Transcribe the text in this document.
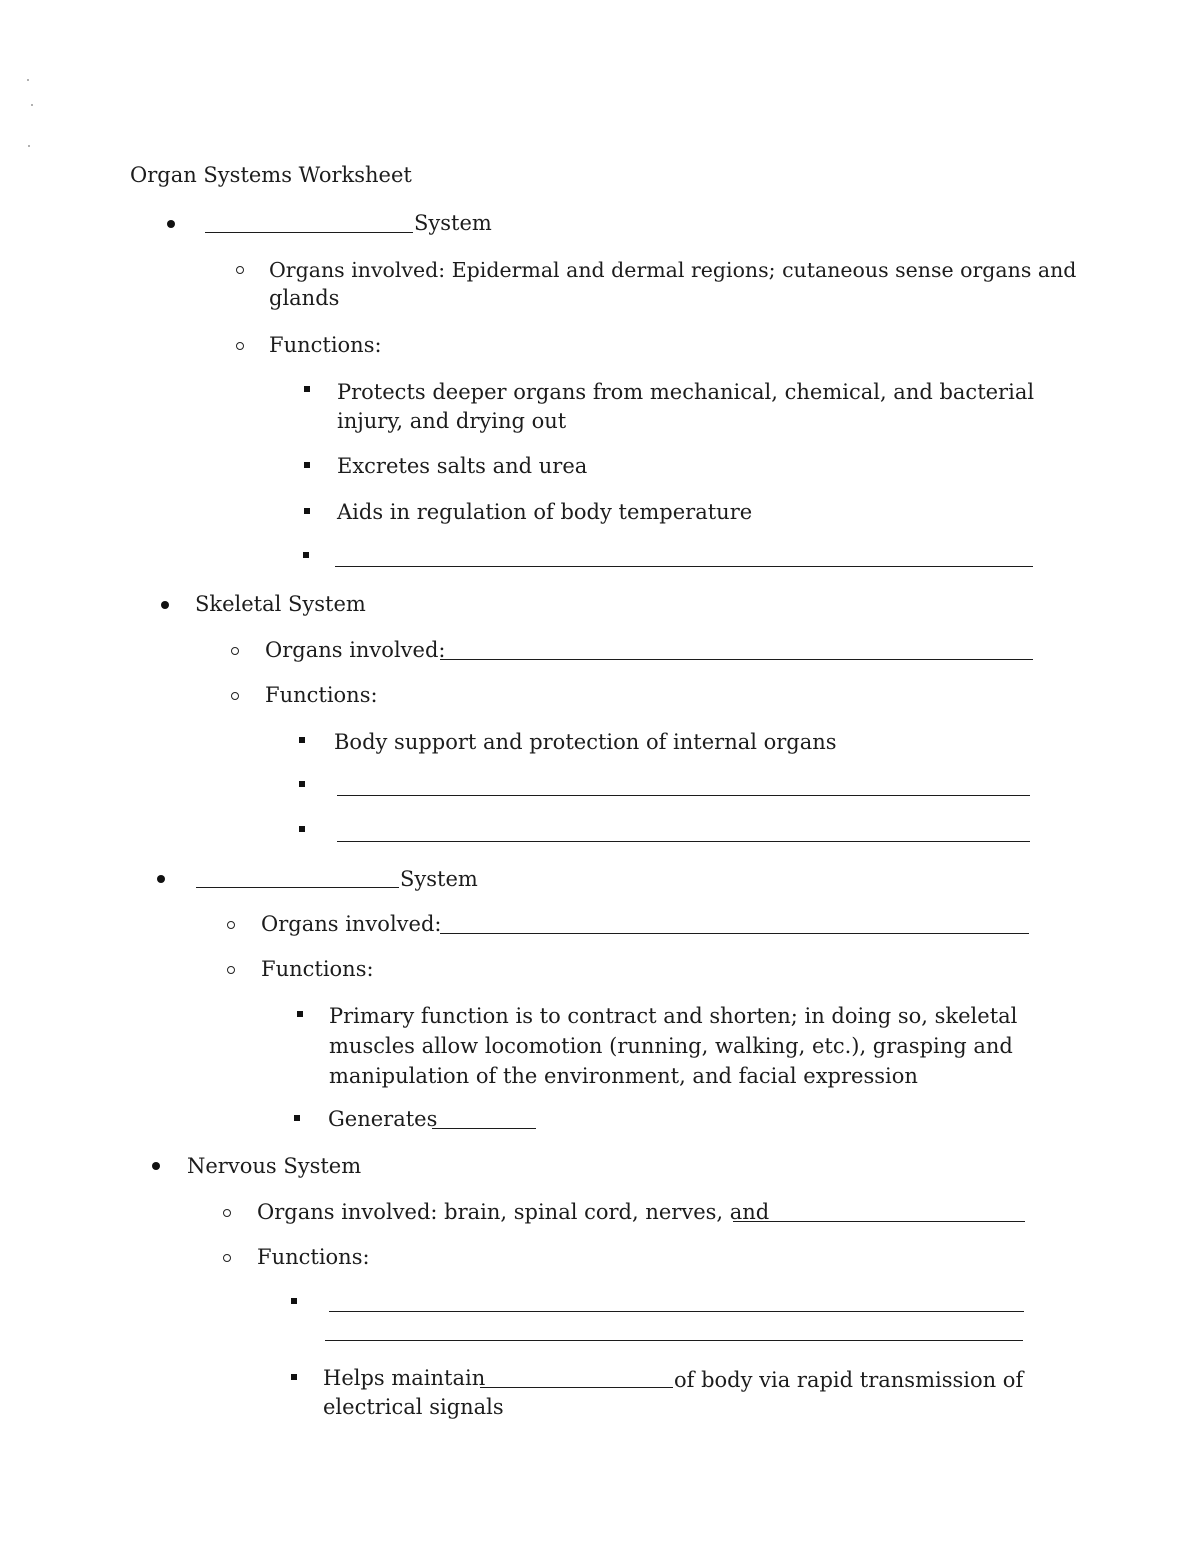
Organ Systems Worksheet
System
Organs involved: Epidermal and dermal regions; cutaneous sense organs and
glands
Functions:
Protects deeper organs from mechanical, chemical, and bacterial
injury, and drying out
Excretes salts and urea
Aids in regulation of body temperature
Skeletal System
Organs involved:
Functions:
Body support and protection of internal organs
System
Organs involved:
Functions:
Primary function is to contract and shorten; in doing so, skeletal
muscles allow locomotion (running, walking, etc.), grasping and
manipulation of the environment, and facial expression
Generates
Nervous System
Organs involved: brain, spinal cord, nerves, and
Functions:
Helps maintain	of body via rapid transmission of
electrical signals
